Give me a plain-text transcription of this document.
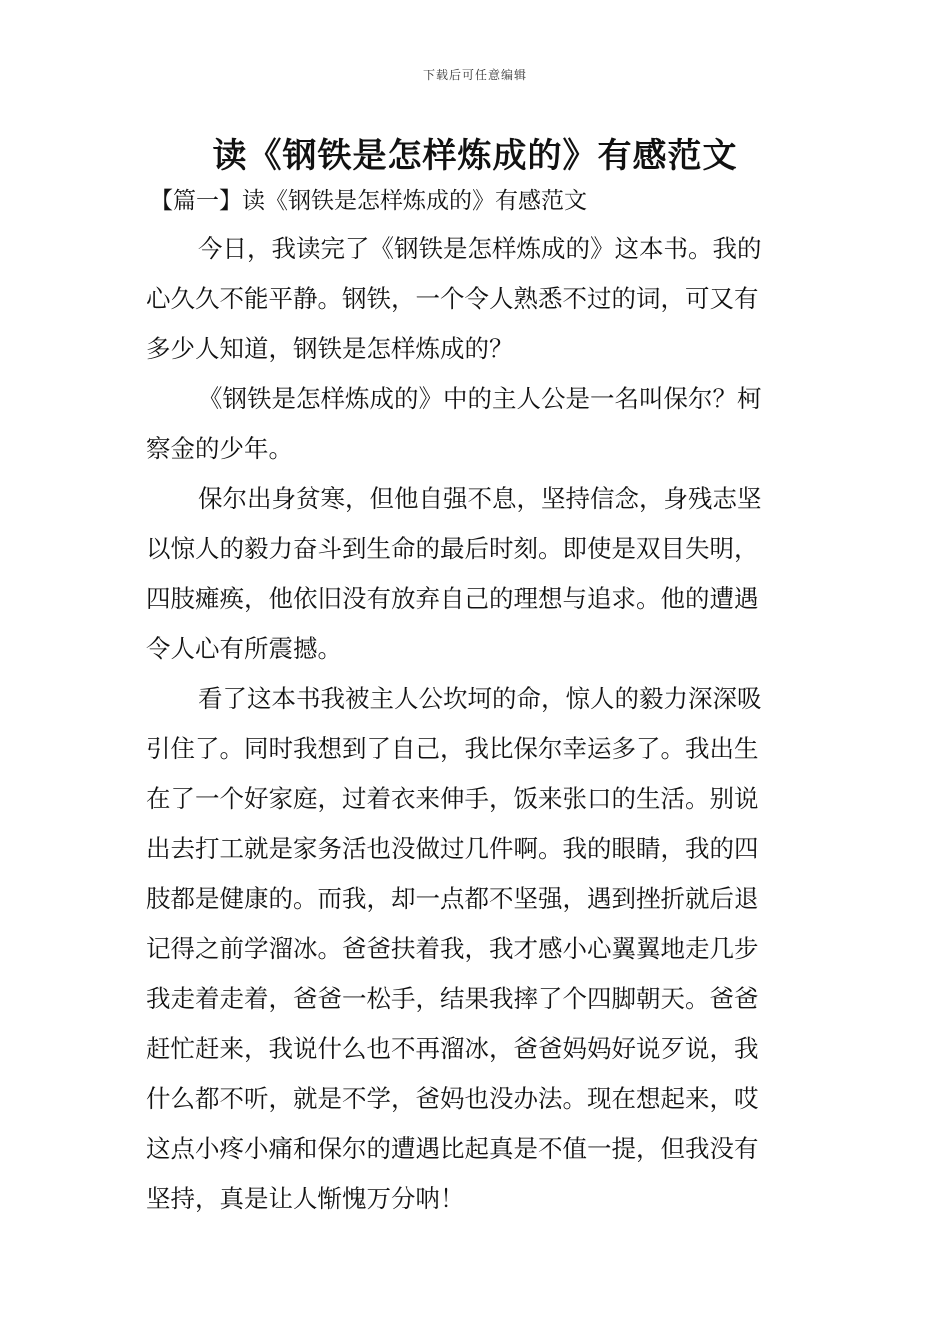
下载后可任意编辑
读《钢铁是怎样炼成的》有感范文
【篇一】读《钢铁是怎样炼成的》有感范文
今日，我读完了《钢铁是怎样炼成的》这本书。我的
心久久不能平静。钢铁，一个令人熟悉不过的词，可又有
多少人知道，钢铁是怎样炼成的？
《钢铁是怎样炼成的》中的主人公是一名叫保尔？柯
察金的少年。
保尔出身贫寒，但他自强不息，坚持信念，身残志坚
以惊人的毅力奋斗到生命的最后时刻。即使是双目失明，
四肢瘫痪，他依旧没有放弃自己的理想与追求。他的遭遇
令人心有所震撼。
看了这本书我被主人公坎坷的命，惊人的毅力深深吸
引住了。同时我想到了自己，我比保尔幸运多了。我出生
在了一个好家庭，过着衣来伸手，饭来张口的生活。别说
出去打工就是家务活也没做过几件啊。我的眼睛，我的四
肢都是健康的。而我，却一点都不坚强，遇到挫折就后退
记得之前学溜冰。爸爸扶着我，我才感小心翼翼地走几步
我走着走着，爸爸一松手，结果我摔了个四脚朝天。爸爸
赶忙赶来，我说什么也不再溜冰，爸爸妈妈好说歹说，我
什么都不听，就是不学，爸妈也没办法。现在想起来，哎
这点小疼小痛和保尔的遭遇比起真是不值一提，但我没有
坚持，真是让人惭愧万分呐！
